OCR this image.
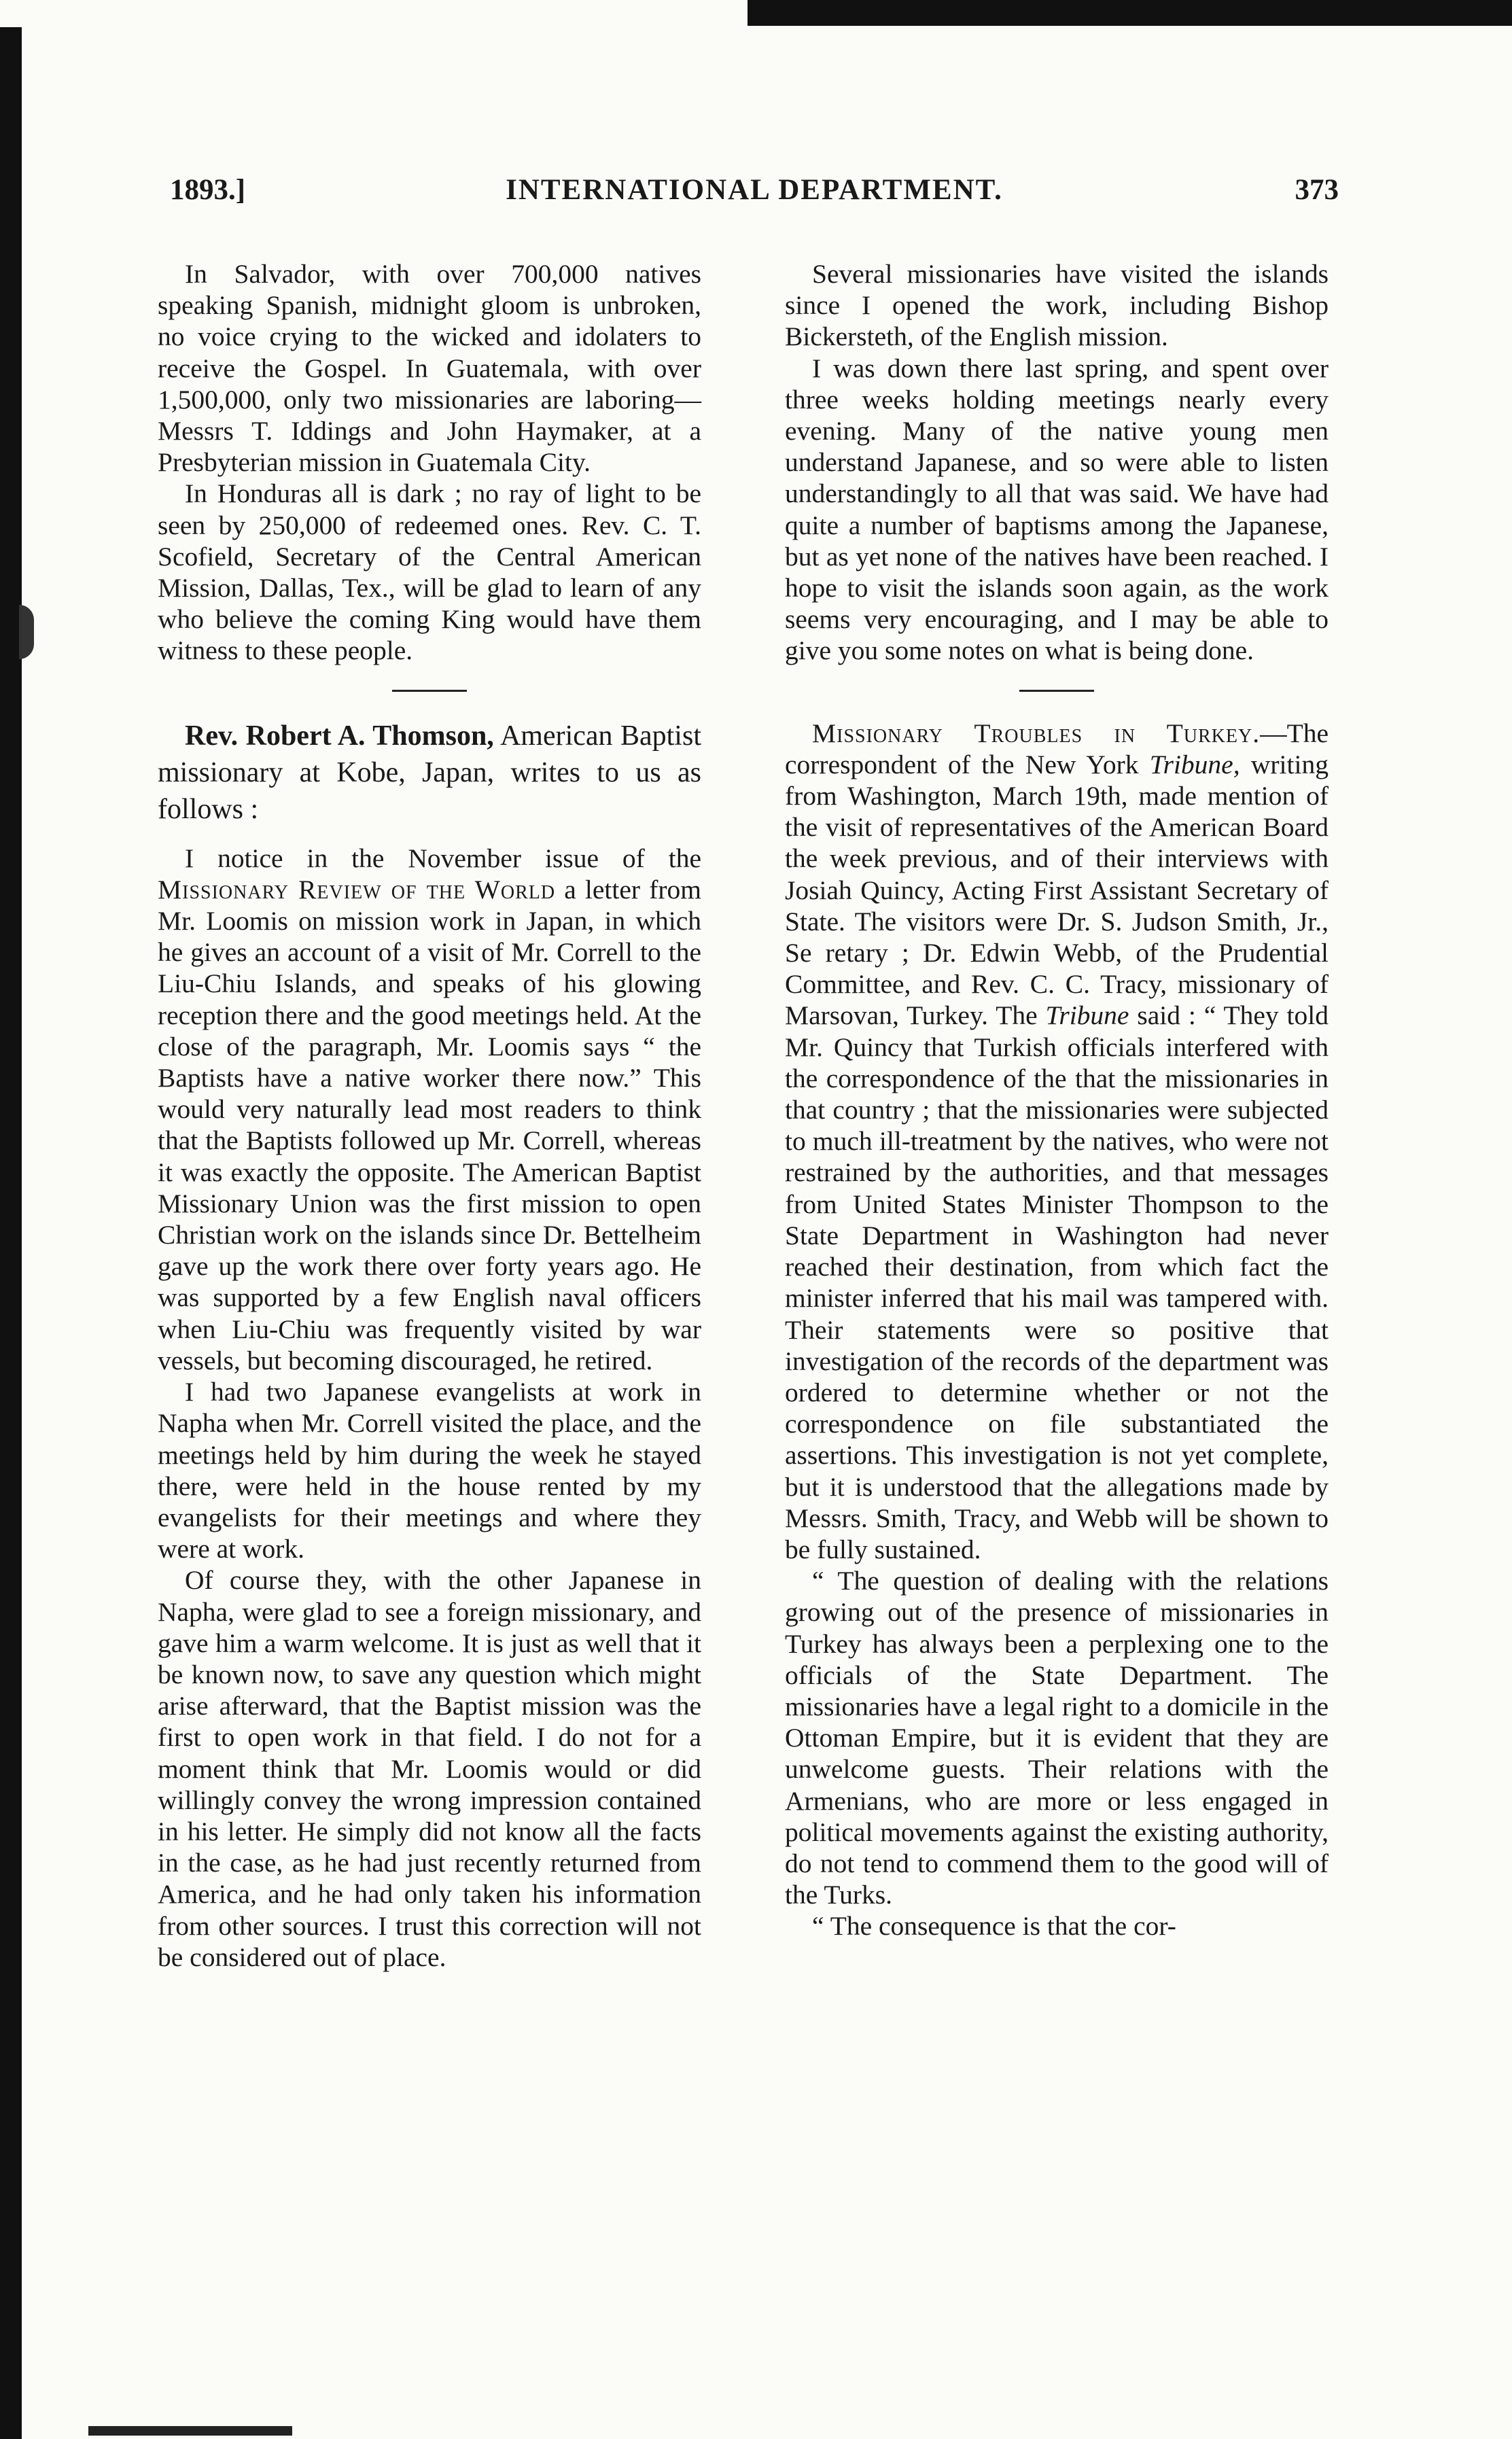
1893.]	INTERNATIONAL DEPARTMENT.	373

In Salvador, with over 700,000 natives speaking Spanish, midnight gloom is unbroken, no voice crying to the wicked and idolaters to receive the Gospel. In Guatemala, with over 1,500,000, only two missionaries are laboring—Messrs T. Iddings and John Haymaker, at a Presbyterian mission in Guatemala City.

In Honduras all is dark ; no ray of light to be seen by 250,000 of redeemed ones. Rev. C. T. Scofield, Secretary of the Central American Mission, Dallas, Tex., will be glad to learn of any who believe the coming King would have them witness to these people.

Rev. Robert A. Thomson, American Baptist missionary at Kobe, Japan, writes to us as follows :

I notice in the November issue of the Missionary Review of the World a letter from Mr. Loomis on mission work in Japan, in which he gives an account of a visit of Mr. Correll to the Liu-Chiu Islands, and speaks of his glowing reception there and the good meetings held. At the close of the paragraph, Mr. Loomis says “ the Baptists have a native worker there now.” This would very naturally lead most readers to think that the Baptists followed up Mr. Correll, whereas it was exactly the opposite. The American Baptist Missionary Union was the first mission to open Christian work on the islands since Dr. Bettelheim gave up the work there over forty years ago. He was supported by a few English naval officers when Liu-Chiu was frequently visited by war vessels, but becoming discouraged, he retired.

I had two Japanese evangelists at work in Napha when Mr. Correll visited the place, and the meetings held by him during the week he stayed there, were held in the house rented by my evangelists for their meetings and where they were at work.

Of course they, with the other Japanese in Napha, were glad to see a foreign missionary, and gave him a warm welcome. It is just as well that it be known now, to save any question which might arise afterward, that the Baptist mission was the first to open work in that field. I do not for a moment think that Mr. Loomis would or did willingly convey the wrong impression contained in his letter. He simply did not know all the facts in the case, as he had just recently returned from America, and he had only taken his information from other sources. I trust this correction will not be considered out of place.

Several missionaries have visited the islands since I opened the work, including Bishop Bickersteth, of the English mission.

I was down there last spring, and spent over three weeks holding meetings nearly every evening. Many of the native young men understand Japanese, and so were able to listen understandingly to all that was said. We have had quite a number of baptisms among the Japanese, but as yet none of the natives have been reached. I hope to visit the islands soon again, as the work seems very encouraging, and I may be able to give you some notes on what is being done.

Missionary Troubles in Turkey.—The correspondent of the New York Tribune, writing from Washington, March 19th, made mention of the visit of representatives of the American Board the week previous, and of their interviews with Josiah Quincy, Acting First Assistant Secretary of State. The visitors were Dr. S. Judson Smith, Jr., Se retary ; Dr. Edwin Webb, of the Prudential Committee, and Rev. C. C. Tracy, missionary of Marsovan, Turkey. The Tribune said : “ They told Mr. Quincy that Turkish officials interfered with the correspondence of the that the missionaries in that country ; that the missionaries were subjected to much ill-treatment by the natives, who were not restrained by the authorities, and that messages from United States Minister Thompson to the State Department in Washington had never reached their destination, from which fact the minister inferred that his mail was tampered with. Their statements were so positive that investigation of the records of the department was ordered to determine whether or not the correspondence on file substantiated the assertions. This investigation is not yet complete, but it is understood that the allegations made by Messrs. Smith, Tracy, and Webb will be shown to be fully sustained.

“ The question of dealing with the relations growing out of the presence of missionaries in Turkey has always been a perplexing one to the officials of the State Department. The missionaries have a legal right to a domicile in the Ottoman Empire, but it is evident that they are unwelcome guests. Their relations with the Armenians, who are more or less engaged in political movements against the existing authority, do not tend to commend them to the good will of the Turks.

“ The consequence is that the cor-
